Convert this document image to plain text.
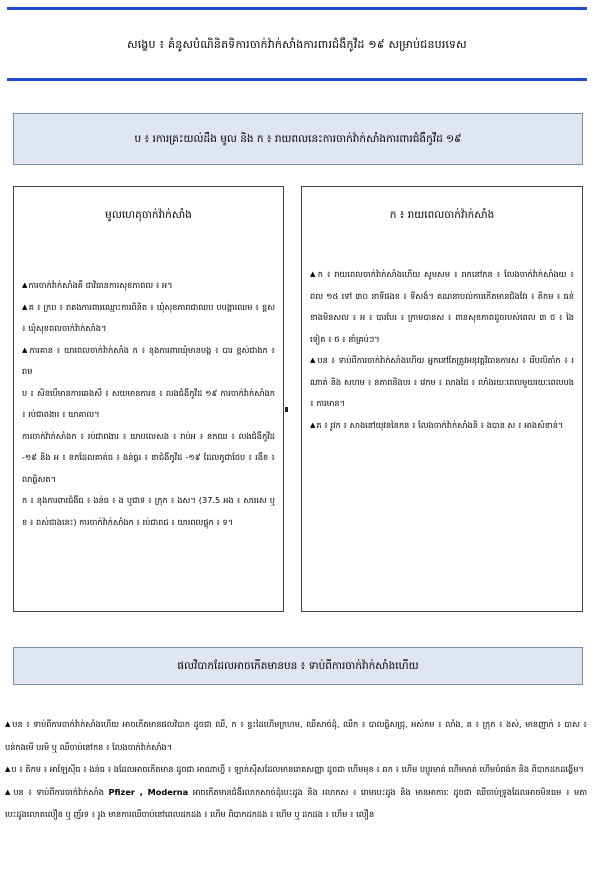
សង្ខេប ៖ គំនូសបំណិនិតទិការចាក់វ៉ាក់សាំងការពារជំងឺកូវីដ ១៩ សម្រាប់ជនបរទេស
ប ៖ រការគ្រះយល់ដឹង មូល និង ក ៖ រាយពលនេះការចាក់វ៉ាក់សាំងការពារជំងឺកូវីដ ១៩
មូលហេតុចាក់វ៉ាក់សាំង

▲ ការចាក់វ៉ាក់សាំងគឺ ជាវិធានការសុខភាពល ៖ អ។

▲ គ ៖ ក្រប ៖ រាគងការពារឈ្មោះការពិនិត ៖ ឃុំសុខភាពជាឈប បបង្ការឈម ៖ ខ្ពស ៖ ឃុំសុខពលចាក់វ៉ាក់សាំង។

▲ ការគាន ៖ យារពលចាក់វ៉ាក់សាំង ក ៖ នុងការពារឃុំមានបង្ក ៖ បារ ខ្ពស់ជាងក ៖ រាម

ប ៖ សិនបើមានការឆេងសី ៖ សយមានការខ ៖ លងជំងឺកូវីដ ១៩ ការចាក់វ៉ាក់សាំងក ៖ រប់ជាពងារ ៖ យាគាល។

ការចាក់វ៉ាក់សាំងក ៖ រប់ជាពងារ ៖ យាបលេសង ៖ រាប់អ ៖ នកឈ ៖ លងជំងឺកូវីដ -១៩ និង អ ៖ នកដែលគាត់ធ ៖ ងន់ធ្ងរ ៖ នាជំងឺកូវីដ -១៩ ដែលកូជាថែប ៖ រងឹខ ៖ លាធ្ងិសត។

ក ៖ នុងការពារជំងឺធ ៖ ងន់ធ ៖ ង ឬជាទ ៖ ក្រុក ៖ ងស។ (37.5 អង ៖ សារសេ ឬ ខ ៖ ពស់ជាងនេះ) ការចាក់វ៉ាក់សាំងក ៖ រប់ជាពជ ៖ យារពលផ្ទុក ៖ ទ។

ក ៖ រាយពេលចាក់វ៉ាក់សាំង

▲ ក ៖ រាយពេលចាក់វ៉ាក់សាំងហើយ សូមសម ៖ រាកនៅកន ៖ លែងចាក់វ៉ាក់សាំងយ ៖ ពល ១៥ ទៅ ៣០ នាទីផងខ ៖ ទីសងំ។ គណនាបល់ការកើតមានជិងវែរ ៖ តិកម ៖ ធន់ខាងមិនសល ៖ អ ៖ បារបែរ ៖ ក្រាមបានស ៖ ពានសុខភាពដូចរបស់ពេល ៣ ថ ៖ ងៃទៀត ៖ ថ ៖ នាំគ្រប់ៗ។

▲ បន ៖ ទាប់ពីការចាក់វ៉ាក់សាំងហើយ អ្នកនៅតែត្រូវអនុវត្តវិធានការស ៖ រើបលិតាំក ៖ រណាត់ និង សហម ៖ នភាពនិងបរ ៖ វេកម ៖ លាងដៃ ៖ លាំងរយៈពេលមួយរយៈពេលបង ៖ ការមាន។

▲ គ ៖ រូវក ៖ សាងនៅយុវននៃកន ៖ លែងចាក់វ៉ាក់សាំងនិ ៖ ងបាន ស ៖ អាងសំខាន់។

ផលវិបាកដែលអាចកើតមានបន ៖ ទាប់ពីការចាក់វ៉ាក់សាំងហើយ

▲ បន ៖ ទាប់ពីការចាក់វ៉ាក់សាំងហើយ អាចកើតមានផលវិបាក ដូចជា ឈឺ, ក ៖ ន្ធះដៃហើមក្រហម, ឈឺសាច់ដុំ, ឈឺក ៖ បាលធ្ងិសជ្រុ, អស់កម ៖ លាំង, គ ៖ ក្រុក ៖ ងស់, មានញាក់ ៖ បាស ៖ បន់កងមើ បរមិ ឬ ឈឺចាប់នៅកន ៖ លែងចាក់វ៉ាក់សាំង។

▲ ប ៖ តិកម ៖ អាឡែស៊ីធ ៖ ងន់ធ ៖ ងដែលអាចកើតមាន ដូចជា អាណាហ្វី ៖ ឡាក់ស៊ីសដែលមានរោគសញ្ញា ដូចជា ហើមមុខ ៖ ឆក ៖ ហើម បប្ញូរមាត់ ហើមមាត់ ហើមបំពង់ក និង ពិបាកដកដង្ហើម។

▲ បន ៖ ទាប់ពីការចាក់វ៉ាក់សាំង Pfizer , Moderna អាចកើតមានជំងឺរលាកសាច់ដុំបេះដូង និង រលាកស ៖ រោមបេះដូង និង មានអាការៈ ដូចជា ឈឺចាប់ទ្រូងដែលអាចមិនធម ៖ មតា បេះដូងលោតលឿន ឬ ញ័រទ ៖ រូង មានការឈឺចាប់នៅពេលដកដង ៖ ហើម ពិបាកដកដង ៖ ហើម ឬ ដកដង ៖ ហើម ៖ លឿន
